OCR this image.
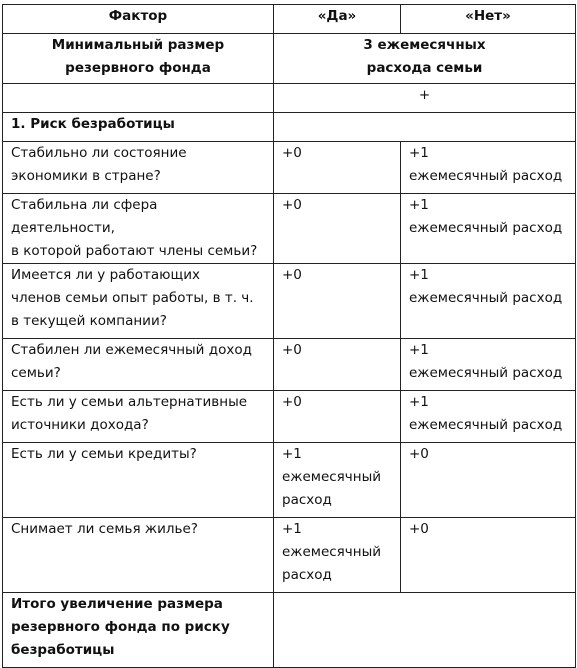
Фактор	«Да»	«Нет»
Минимальный размер
резервного фонда	3 ежемесячных
расхода семьи	
	+	
1. Риск безработицы		
Стабильно ли состояние
экономики в стране?	+0	+1
ежемесячный расход
Стабильна ли сфера деятельности,
в которой работают члены семьи?	+0	+1
ежемесячный расход
Имеется ли у работающих
членов семьи опыт работы, в т. ч.
в текущей компании?	+0	+1
ежемесячный расход
Стабилен ли ежемесячный доход
семьи?	+0	+1
ежемесячный расход
Есть ли у семьи альтернативные
источники дохода?	+0	+1
ежемесячный расход
Есть ли у семьи кредиты?	+1
ежемесячный
расход	+0
Снимает ли семья жилье?	+1
ежемесячный
расход	+0
Итого увеличение размера
резервного фонда по риску
безработицы		
